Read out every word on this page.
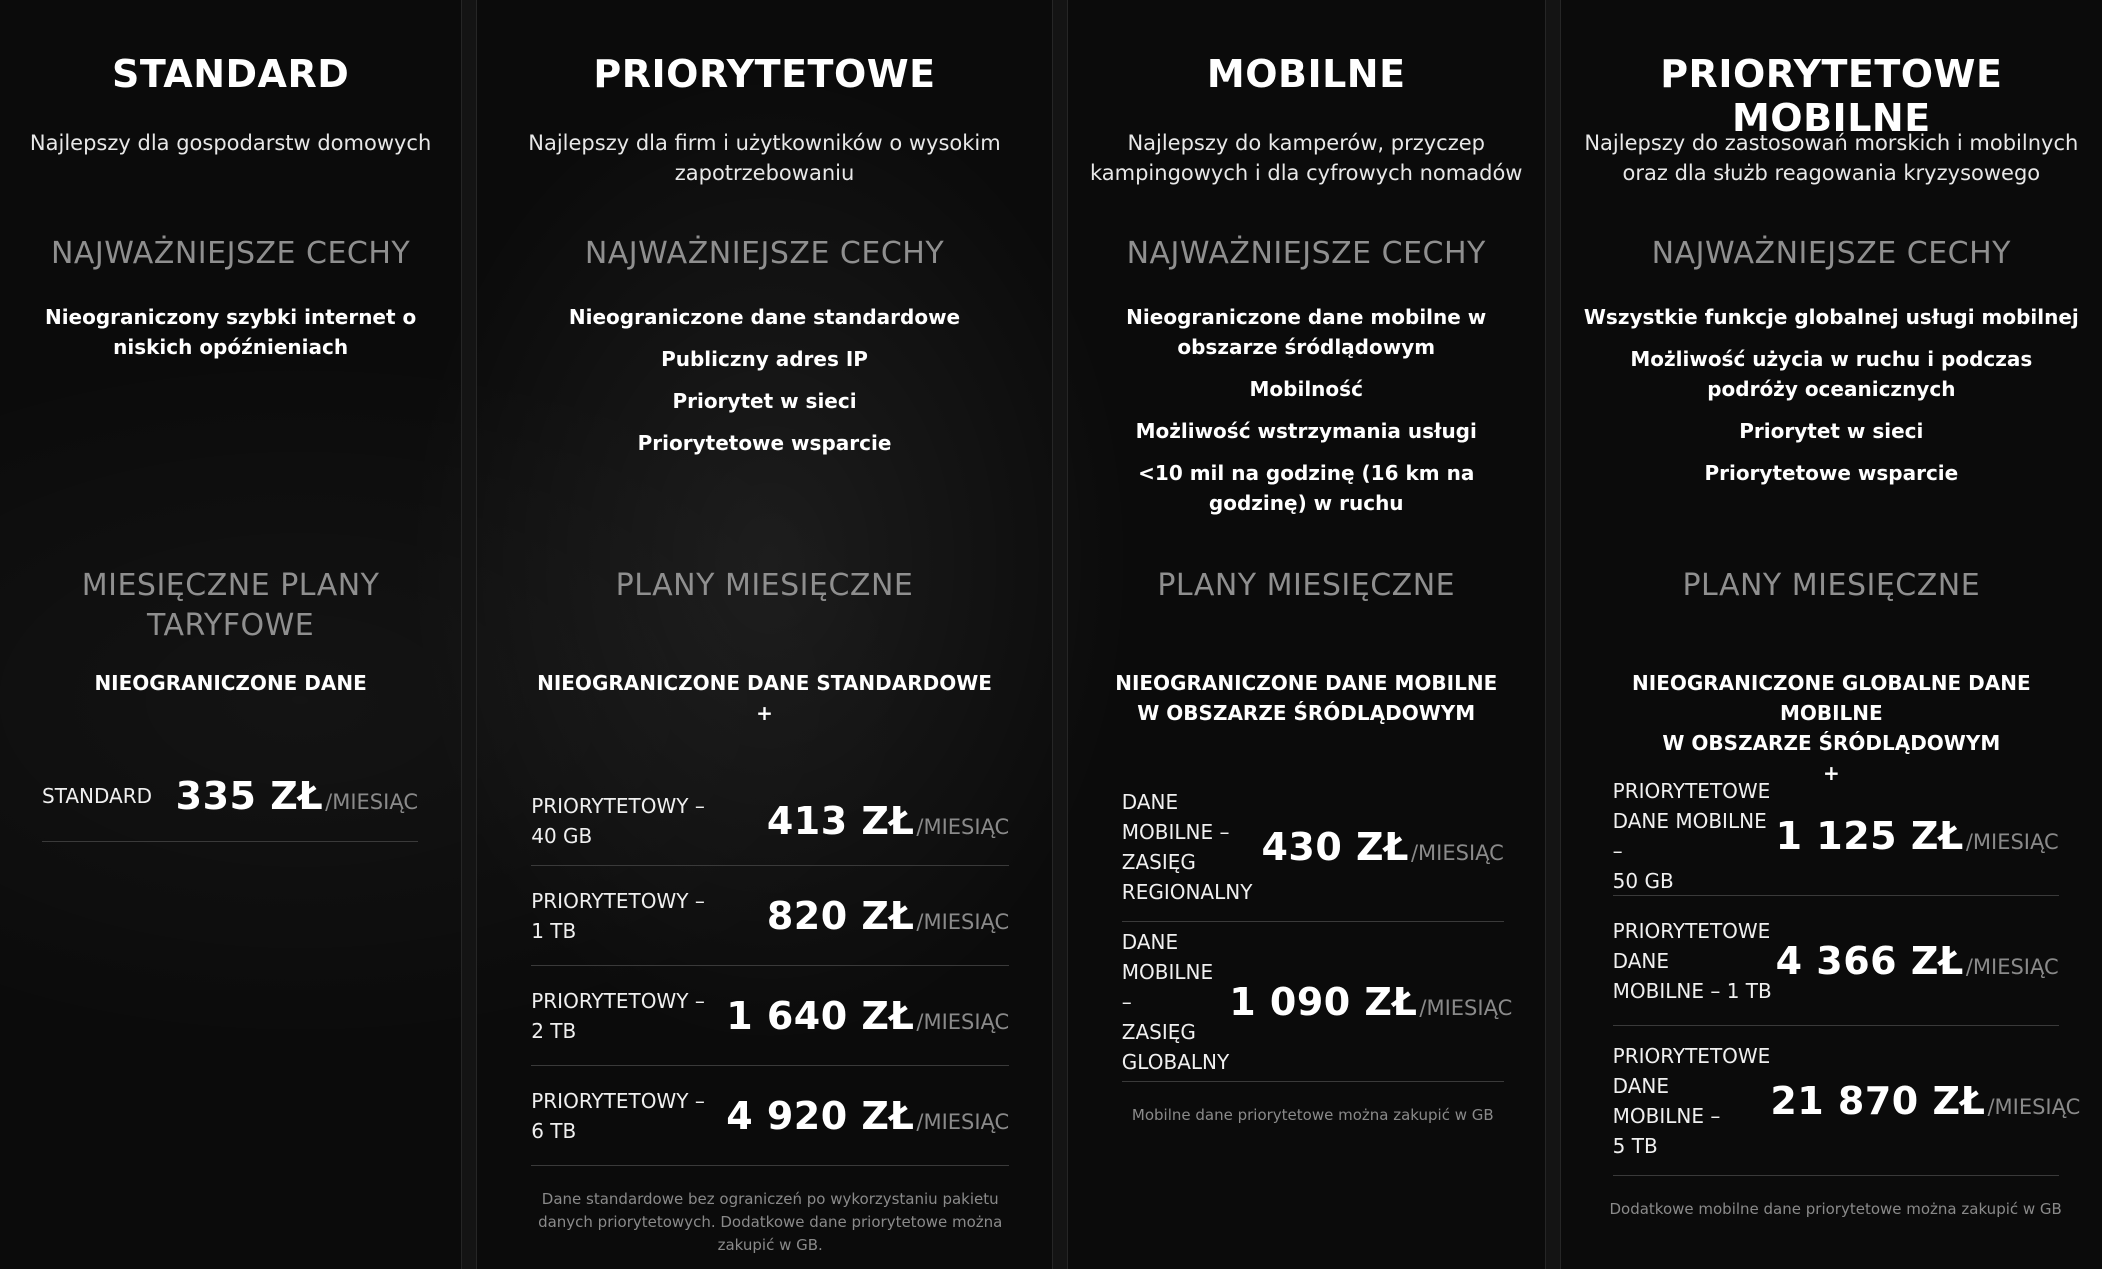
STANDARD
Najlepszy dla gospodarstw domowych
NAJWAŻNIEJSZE CECHY
Nieograniczony szybki internet o niskich opóźnieniach
MIESIĘCZNE PLANY TARYFOWE
NIEOGRANICZONE DANE
STANDARD 335 ZŁ /MIESIĄC
PRIORYTETOWE
Najlepszy dla firm i użytkowników o wysokim zapotrzebowaniu
NAJWAŻNIEJSZE CECHY
Nieograniczone dane standardowe
Publiczny adres IP
Priorytet w sieci
Priorytetowe wsparcie
PLANY MIESIĘCZNE
NIEOGRANICZONE DANE STANDARDOWE
+
PRIORYTETOWY –
40 GB	413 ZŁ /MIESIĄC
PRIORYTETOWY –
1 TB	820 ZŁ /MIESIĄC
PRIORYTETOWY –
2 TB	1 640 ZŁ /MIESIĄC
PRIORYTETOWY –
6 TB	4 920 ZŁ /MIESIĄC
Dane standardowe bez ograniczeń po wykorzystaniu pakietu danych priorytetowych. Dodatkowe dane priorytetowe można zakupić w GB.
MOBILNE
Najlepszy do kamperów, przyczep kampingowych i dla cyfrowych nomadów
NAJWAŻNIEJSZE CECHY
Nieograniczone dane mobilne w obszarze śródlądowym
Mobilność
Możliwość wstrzymania usługi
<10 mil na godzinę (16 km na godzinę) w ruchu
PLANY MIESIĘCZNE
NIEOGRANICZONE DANE MOBILNE
W OBSZARZE ŚRÓDLĄDOWYM
DANE
MOBILNE –
ZASIĘG
REGIONALNY
430 ZŁ /MIESIĄC
DANE
MOBILNE –
ZASIĘG
GLOBALNY
1 090 ZŁ /MIESIĄC
Mobilne dane priorytetowe można zakupić w GB
PRIORYTETOWE MOBILNE
Najlepszy do zastosowań morskich i mobilnych oraz dla służb reagowania kryzysowego
NAJWAŻNIEJSZE CECHY
Wszystkie funkcje globalnej usługi mobilnej
Możliwość użycia w ruchu i podczas podróży oceanicznych
Priorytet w sieci
Priorytetowe wsparcie
PLANY MIESIĘCZNE
NIEOGRANICZONE GLOBALNE DANE MOBILNE
W OBSZARZE ŚRÓDLĄDOWYM
+
PRIORYTETOWE
DANE MOBILNE –
50 GB
1 125 ZŁ /MIESIĄC
PRIORYTETOWE
DANE
MOBILNE – 1 TB
4 366 ZŁ /MIESIĄC
PRIORYTETOWE
DANE
MOBILNE –
5 TB
21 870 ZŁ /MIESIĄC
Dodatkowe mobilne dane priorytetowe można zakupić w GB
